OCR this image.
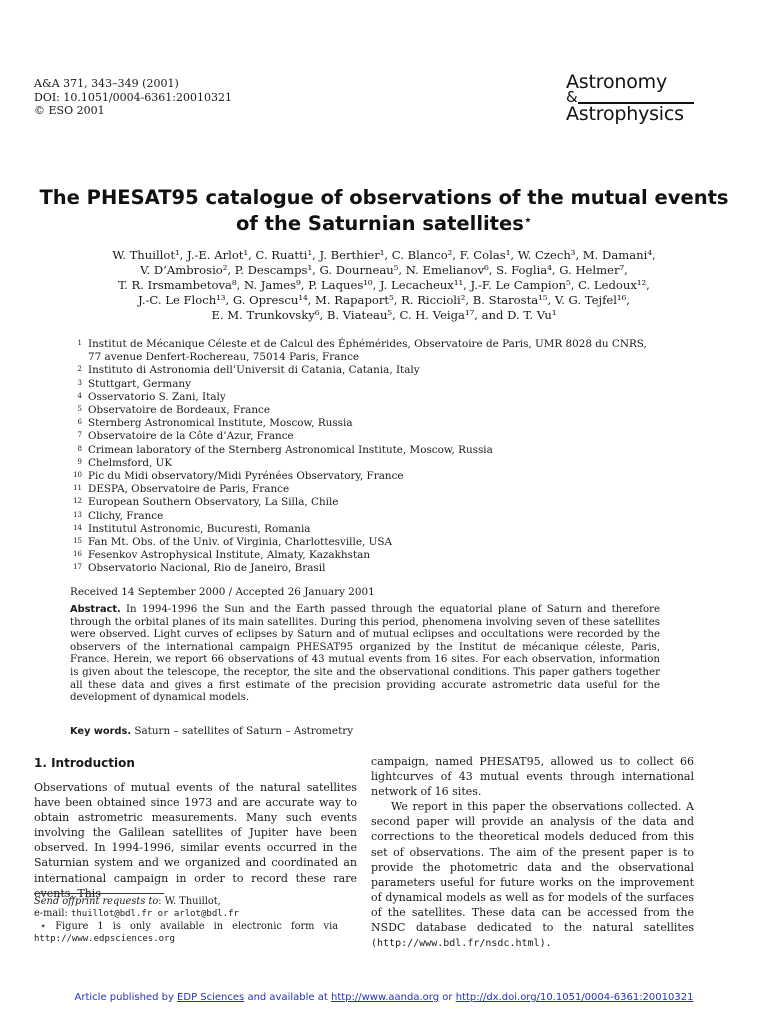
A&A 371, 343–349 (2001)
DOI: 10.1051/0004-6361:20010321
© ESO 2001
Astronomy
&
Astrophysics
The PHESAT95 catalogue of observations of the mutual events
of the Saturnian satellites⋆
W. Thuillot¹, J.-E. Arlot¹, C. Ruatti¹, J. Berthier¹, C. Blanco², F. Colas¹, W. Czech³, M. Damani⁴,
V. D’Ambrosio², P. Descamps¹, G. Dourneau⁵, N. Emelianov⁶, S. Foglia⁴, G. Helmer⁷,
T. R. Irsmambetova⁸, N. James⁹, P. Laques¹⁰, J. Lecacheux¹¹, J.-F. Le Campion⁵, C. Ledoux¹²,
J.-C. Le Floch¹³, G. Oprescu¹⁴, M. Rapaport⁵, R. Riccioli², B. Starosta¹⁵, V. G. Tejfel¹⁶,
E. M. Trunkovsky⁶, B. Viateau⁵, C. H. Veiga¹⁷, and D. T. Vu¹
1 Institut de Mécanique Céleste et de Calcul des Éphémérides, Observatoire de Paris, UMR 8028 du CNRS,
77 avenue Denfert-Rochereau, 75014 Paris, France
2 Instituto di Astronomia dell’Universit di Catania, Catania, Italy
3 Stuttgart, Germany
4 Osservatorio S. Zani, Italy
5 Observatoire de Bordeaux, France
6 Sternberg Astronomical Institute, Moscow, Russia
7 Observatoire de la Côte d’Azur, France
8 Crimean laboratory of the Sternberg Astronomical Institute, Moscow, Russia
9 Chelmsford, UK
10 Pic du Midi observatory/Midi Pyrénées Observatory, France
11 DESPA, Observatoire de Paris, France
12 European Southern Observatory, La Silla, Chile
13 Clichy, France
14 Institutul Astronomic, Bucuresti, Romania
15 Fan Mt. Obs. of the Univ. of Virginia, Charlottesville, USA
16 Fesenkov Astrophysical Institute, Almaty, Kazakhstan
17 Observatorio Nacional, Rio de Janeiro, Brasil
Received 14 September 2000 / Accepted 26 January 2001
Abstract. In 1994-1996 the Sun and the Earth passed through the equatorial plane of Saturn and therefore through the orbital planes of its main satellites. During this period, phenomena involving seven of these satellites were observed. Light curves of eclipses by Saturn and of mutual eclipses and occultations were recorded by the observers of the international campaign PHESAT95 organized by the Institut de mécanique céleste, Paris, France. Herein, we report 66 observations of 43 mutual events from 16 sites. For each observation, information is given about the telescope, the receptor, the site and the observational conditions. This paper gathers together all these data and gives a first estimate of the precision providing accurate astrometric data useful for the development of dynamical models.
Key words. Saturn – satellites of Saturn – Astrometry
1. Introduction

Observations of mutual events of the natural satellites have been obtained since 1973 and are accurate way to obtain astrometric measurements. Many such events involving the Galilean satellites of Jupiter have been observed. In 1994-1996, similar events occurred in the Saturnian system and we organized and coordinated an international campaign in order to record these rare events. This

campaign, named PHESAT95, allowed us to collect 66 lightcurves of 43 mutual events through international network of 16 sites.

We report in this paper the observations collected. A second paper will provide an analysis of the data and corrections to the theoretical models deduced from this set of observations. The aim of the present paper is to provide the photometric data and the observational parameters useful for future works on the improvement of dynamical models as well as for models of the surfaces of the satellites. These data can be accessed from the NSDC database dedicated to the natural satellites (http://www.bdl.fr/nsdc.html).

Send offprint requests to: W. Thuillot,
e-mail: thuillot@bdl.fr or arlot@bdl.fr
⋆ Figure 1 is only available in electronic form via
http://www.edpsciences.org
Article published by EDP Sciences and available at http://www.aanda.org or http://dx.doi.org/10.1051/0004-6361:20010321
